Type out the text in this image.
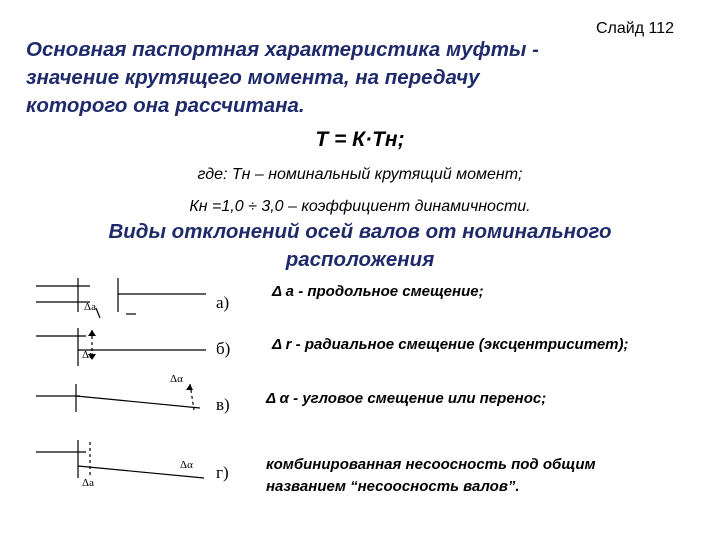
Слайд 112
Основная паспортная характеристика муфты -
значение крутящего момента, на передачу
которого она рассчитана.
Т = К·Тн;
где: Тн – номинальный крутящий момент;
Кн =1,0 ÷ 3,0 – коэффициент динамичности.
Виды отклонений осей валов от номинального
расположения
Δa
Δr
Δα
Δα
Δa
а)
б)
в)
г)
Δ a - продольное смещение;
Δ r - радиальное смещение (эксцентриситет);
Δ α - угловое смещение или перенос;
комбинированная несоосность под общим
названием “несоосность валов”.
